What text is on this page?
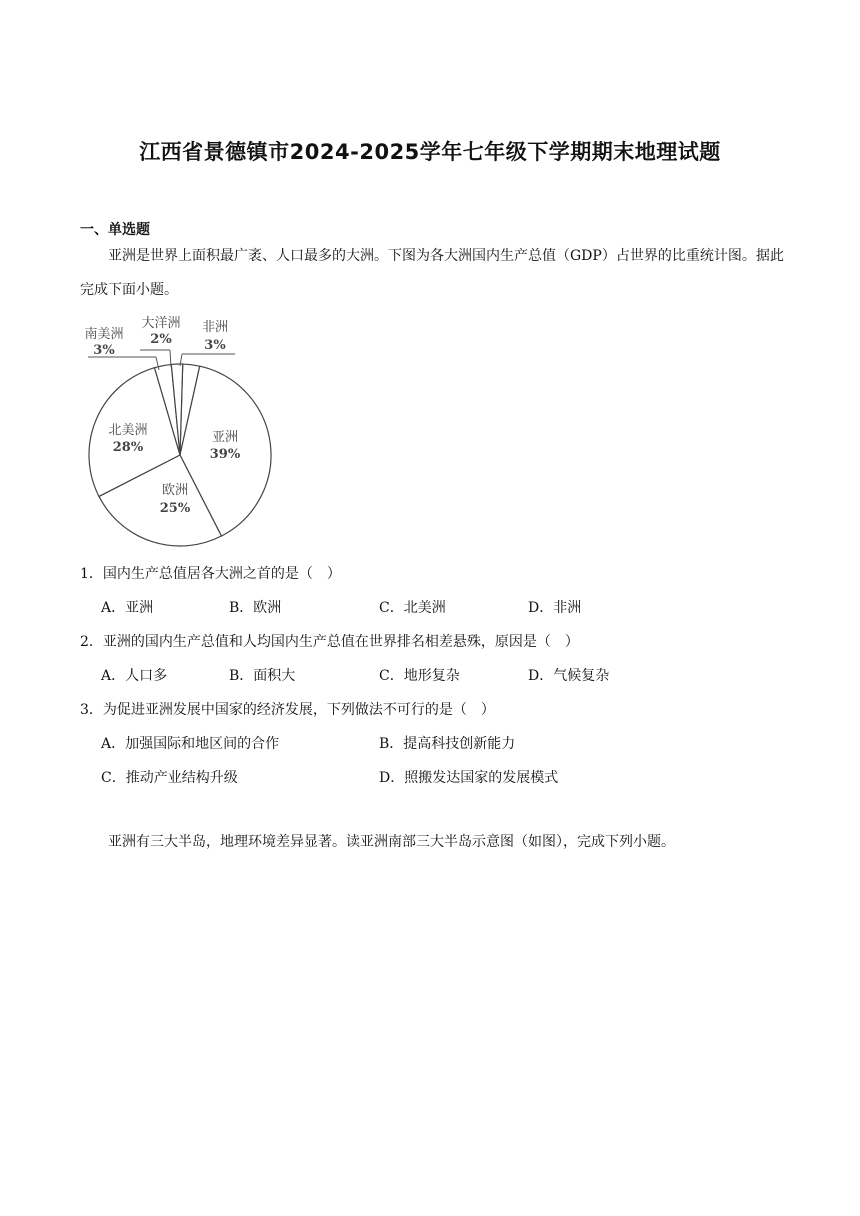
江西省景德镇市2024-2025学年七年级下学期期末地理试题
一、单选题
亚洲是世界上面积最广袤、人口最多的大洲。下图为各大洲国内生产总值（GDP）占世界的比重统计图。据此完成下面小题。
南美洲
3%
大洋洲
2%
非洲
3%
北美洲
28%
亚洲
39%
欧洲
25%
1．国内生产总值居各大洲之首的是（　）
A．亚洲	B．欧洲	C．北美洲	D．非洲
2．亚洲的国内生产总值和人均国内生产总值在世界排名相差悬殊，原因是（　）
A．人口多	B．面积大	C．地形复杂	D．气候复杂
3．为促进亚洲发展中国家的经济发展，下列做法不可行的是（　）
A．加强国际和地区间的合作	B．提高科技创新能力
C．推动产业结构升级	D．照搬发达国家的发展模式
亚洲有三大半岛，地理环境差异显著。读亚洲南部三大半岛示意图（如图），完成下列小题。
